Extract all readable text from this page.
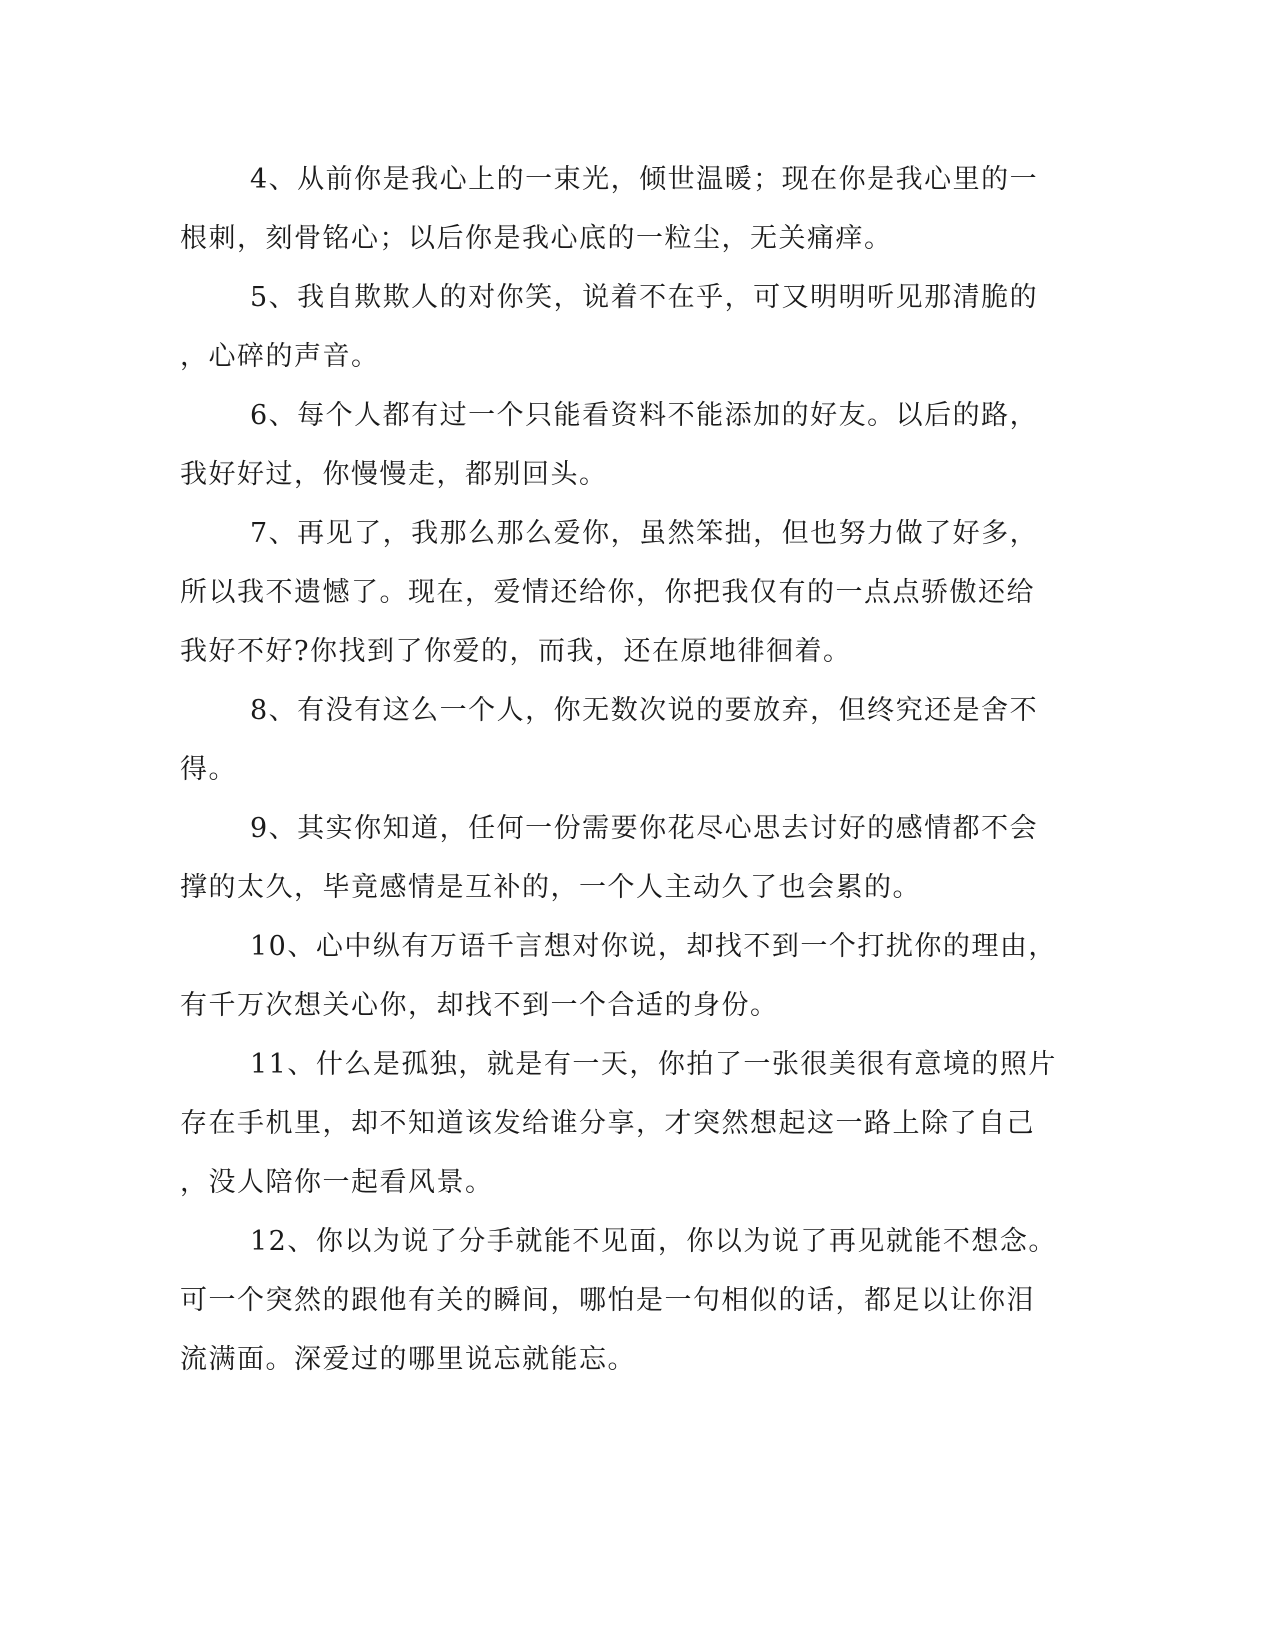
4、从前你是我心上的一束光，倾世温暖；现在你是我心里的一
根刺，刻骨铭心；以后你是我心底的一粒尘，无关痛痒。
5、我自欺欺人的对你笑，说着不在乎，可又明明听见那清脆的
，心碎的声音。
6、每个人都有过一个只能看资料不能添加的好友。以后的路，
我好好过，你慢慢走，都别回头。
7、再见了，我那么那么爱你，虽然笨拙，但也努力做了好多，
所以我不遗憾了。现在，爱情还给你，你把我仅有的一点点骄傲还给
我好不好?你找到了你爱的，而我，还在原地徘徊着。
8、有没有这么一个人，你无数次说的要放弃，但终究还是舍不
得。
9、其实你知道，任何一份需要你花尽心思去讨好的感情都不会
撑的太久，毕竟感情是互补的，一个人主动久了也会累的。
10、心中纵有万语千言想对你说，却找不到一个打扰你的理由，
有千万次想关心你，却找不到一个合适的身份。
11、什么是孤独，就是有一天，你拍了一张很美很有意境的照片
存在手机里，却不知道该发给谁分享，才突然想起这一路上除了自己
，没人陪你一起看风景。
12、你以为说了分手就能不见面，你以为说了再见就能不想念。
可一个突然的跟他有关的瞬间，哪怕是一句相似的话，都足以让你泪
流满面。深爱过的哪里说忘就能忘。
